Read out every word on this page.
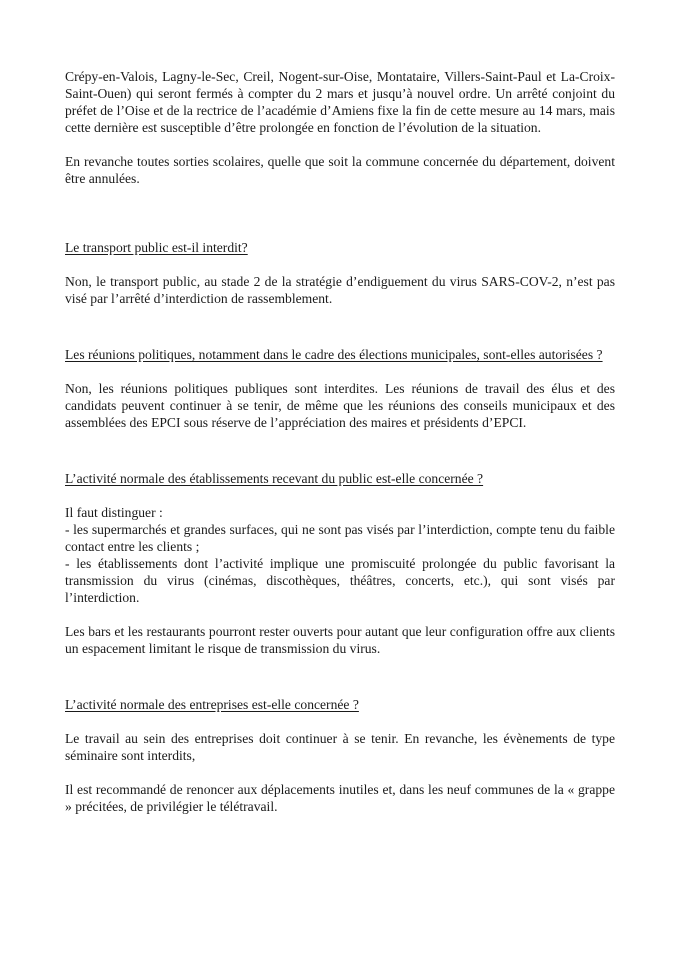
Crépy-en-Valois, Lagny-le-Sec, Creil, Nogent-sur-Oise, Montataire, Villers-Saint-Paul et La-Croix-Saint-Ouen) qui seront fermés à compter du 2 mars et jusqu’à nouvel ordre. Un arrêté conjoint du préfet de l’Oise et de la rectrice de l’académie d’Amiens fixe la fin de cette mesure au 14 mars, mais cette dernière est susceptible d’être prolongée en fonction de l’évolution de la situation.

En revanche toutes sorties scolaires, quelle que soit la commune concernée du département, doivent être annulées.

Le transport public est-il interdit?

Non, le transport public, au stade 2 de la stratégie d’endiguement du virus SARS-COV-2, n’est pas visé par l’arrêté d’interdiction de rassemblement.

Les réunions politiques, notamment dans le cadre des élections municipales, sont-elles autorisées ?

Non, les réunions politiques publiques sont interdites. Les réunions de travail des élus et des candidats peuvent continuer à se tenir, de même que les réunions des conseils municipaux et des assemblées des EPCI sous réserve de l’appréciation des maires et présidents d’EPCI.

L’activité normale des établissements recevant du public est-elle concernée ?

Il faut distinguer :

- les supermarchés et grandes surfaces, qui ne sont pas visés par l’interdiction, compte tenu du faible contact entre les clients ;

- les établissements dont l’activité implique une promiscuité prolongée du public favorisant la transmission du virus (cinémas, discothèques, théâtres, concerts, etc.), qui sont visés par l’interdiction.

Les bars et les restaurants pourront rester ouverts pour autant que leur configuration offre aux clients un espacement limitant le risque de transmission du virus.

L’activité normale des entreprises est-elle concernée ?

Le travail au sein des entreprises doit continuer à se tenir. En revanche, les évènements de type séminaire sont interdits,

Il est recommandé de renoncer aux déplacements inutiles et, dans les neuf communes de la « grappe » précitées, de privilégier le télétravail.
